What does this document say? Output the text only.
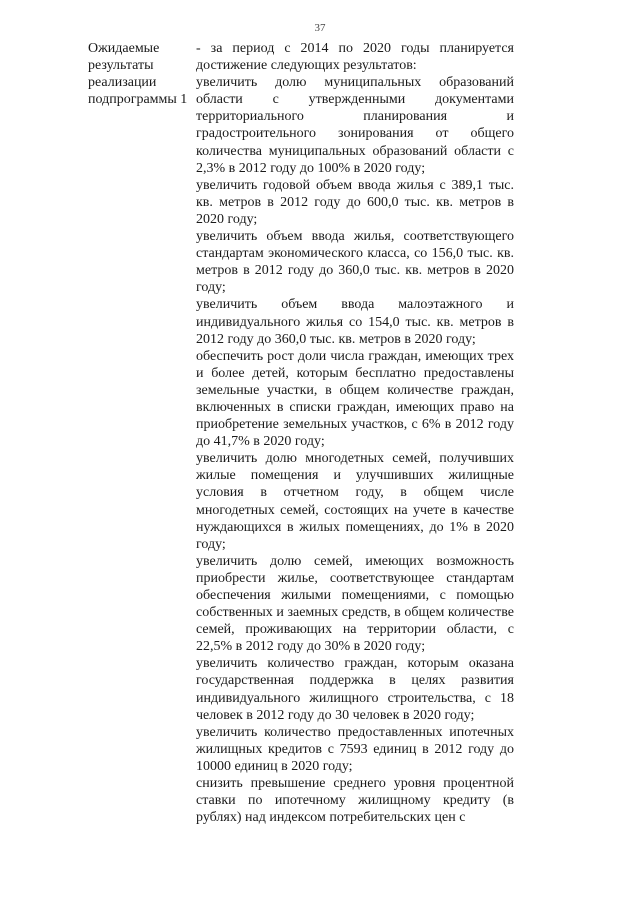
37
Ожидаемые
результаты
реализации
подпрограммы 1

- за период с 2014 по 2020 годы планируется достижение следующих результатов:

увеличить долю муниципальных образований области с утвержденными документами территориального планирования и градостроительного зонирования от общего количества муниципальных образований области с 2,3% в 2012 году до 100% в 2020 году;

увеличить годовой объем ввода жилья с 389,1 тыс. кв. метров в 2012 году до 600,0 тыс. кв. метров в 2020 году;

увеличить объем ввода жилья, соответствующего стандартам экономического класса, со 156,0 тыс. кв. метров в 2012 году до 360,0 тыс. кв. метров в 2020 году;

увеличить объем ввода малоэтажного и индивидуального жилья со 154,0 тыс. кв. метров в 2012 году до 360,0 тыс. кв. метров в 2020 году;

обеспечить рост доли числа граждан, имеющих трех и более детей, которым бесплатно предоставлены земельные участки, в общем количестве граждан, включенных в списки граждан, имеющих право на приобретение земельных участков, с 6% в 2012 году до 41,7% в 2020 году;

увеличить долю многодетных семей, получивших жилые помещения и улучшивших жилищные условия в отчетном году, в общем числе многодетных семей, состоящих на учете в качестве нуждающихся в жилых помещениях, до 1% в 2020 году;

увеличить долю семей, имеющих возможность приобрести жилье, соответствующее стандартам обеспечения жилыми помещениями, с помощью собственных и заемных средств, в общем количестве семей, проживающих на территории области, с 22,5% в 2012 году до 30% в 2020 году;

увеличить количество граждан, которым оказана государственная поддержка в целях развития индивидуального жилищного строительства, с 18 человек в 2012 году до 30 человек в 2020 году;

увеличить количество предоставленных ипотечных жилищных кредитов с 7593 единиц в 2012 году до 10000 единиц в 2020 году;

снизить превышение среднего уровня процентной ставки по ипотечному жилищному кредиту (в рублях) над индексом потребительских цен с
